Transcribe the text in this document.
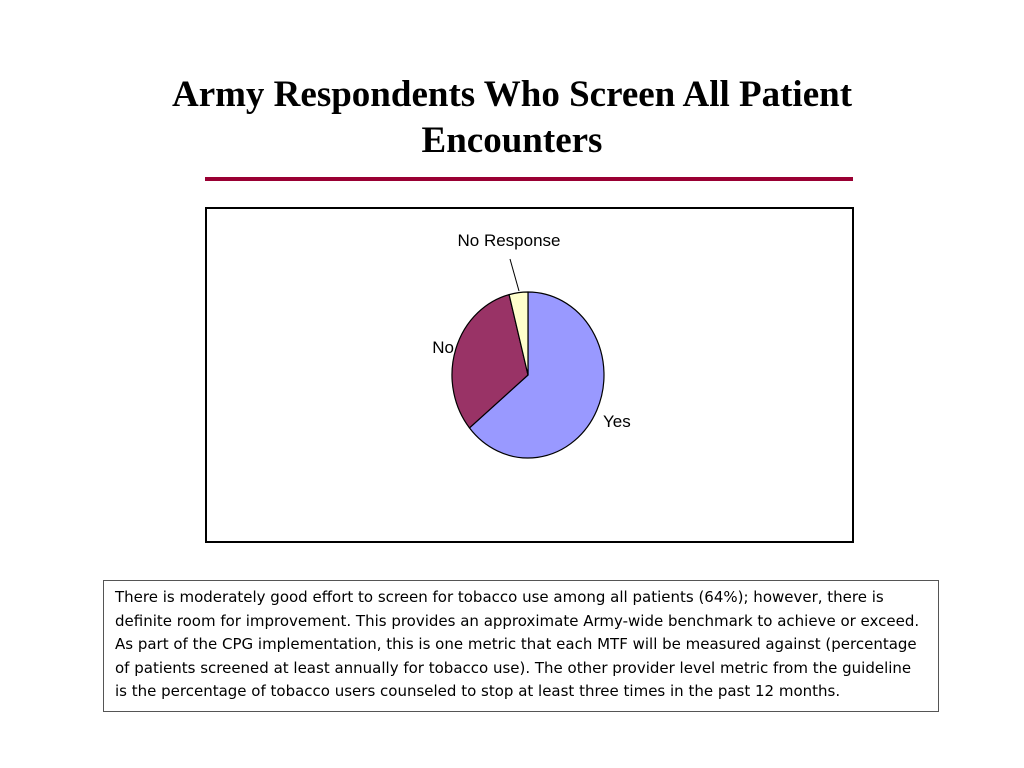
Army Respondents Who Screen All Patient
Encounters
No Response
No
Yes
There is moderately good effort to screen for tobacco use among all patients (64%); however, there is definite room for improvement. This provides an approximate Army-wide benchmark to achieve or exceed. As part of the CPG implementation, this is one metric that each MTF will be measured against (percentage of patients screened at least annually for tobacco use). The other provider level metric from the guideline is the percentage of tobacco users counseled to stop at least three times in the past 12 months.
